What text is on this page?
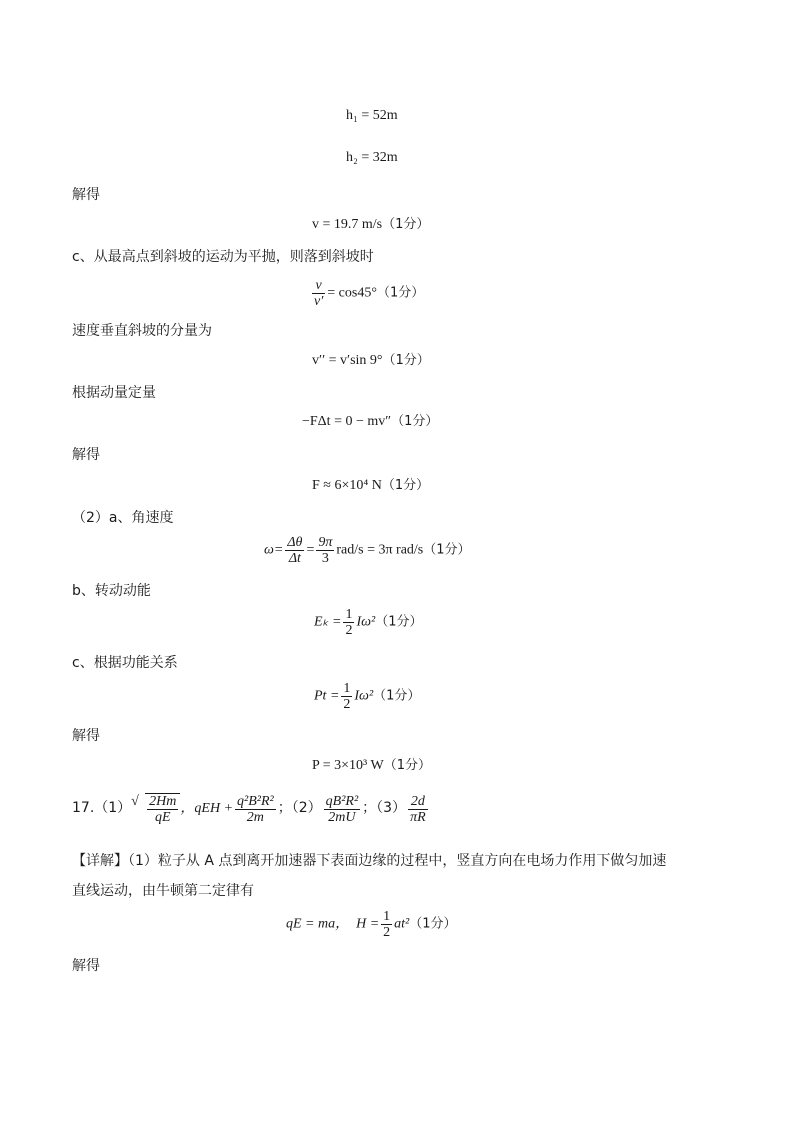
h₁ = 52m
h₂ = 32m
解得
v = 19.7 m/s（1分）
c、从最高点到斜坡的运动为平抛，则落到斜坡时
$\frac{v}{v'} = \cos 45^\circ(1$分）
速度垂直斜坡的分量为
v′′ = v′sin 9°（1分）
根据动量定量
−FΔt = 0 − mv″（1分）
解得
F ≈ 6×10⁴ N（1分）
（2）a、角速度
$\omega= \frac{\Delta\theta}{\Delta t} = \frac{9\pi}{3} rad/s = 3\pi$ rad/s（1分）
b、转动动能
$E_k = \frac{1}{2} I\omega^2(1$分）
c、根据功能关系
$Pt = \frac{1}{2} I\omega^2(1$分）
解得
P = 3×10³ W（1分）
17.（1） √ $\frac{2Hm}{qE}$ ，qEH + $\frac{\text{q²B²R²}}{2m}$ ；$(2) \frac{\text{qB²R²}}{2mU}$ ；$(3) \frac{2d}{\pi R}$
【详解】（1）粒子从 A 点到离开加速器下表面边缘的过程中，竖直方向在电场力作用下做匀加速
直线运动，由牛顿第二定律有
qE = ma， $H = \frac{1}{2} at^2(1$分）
解得
